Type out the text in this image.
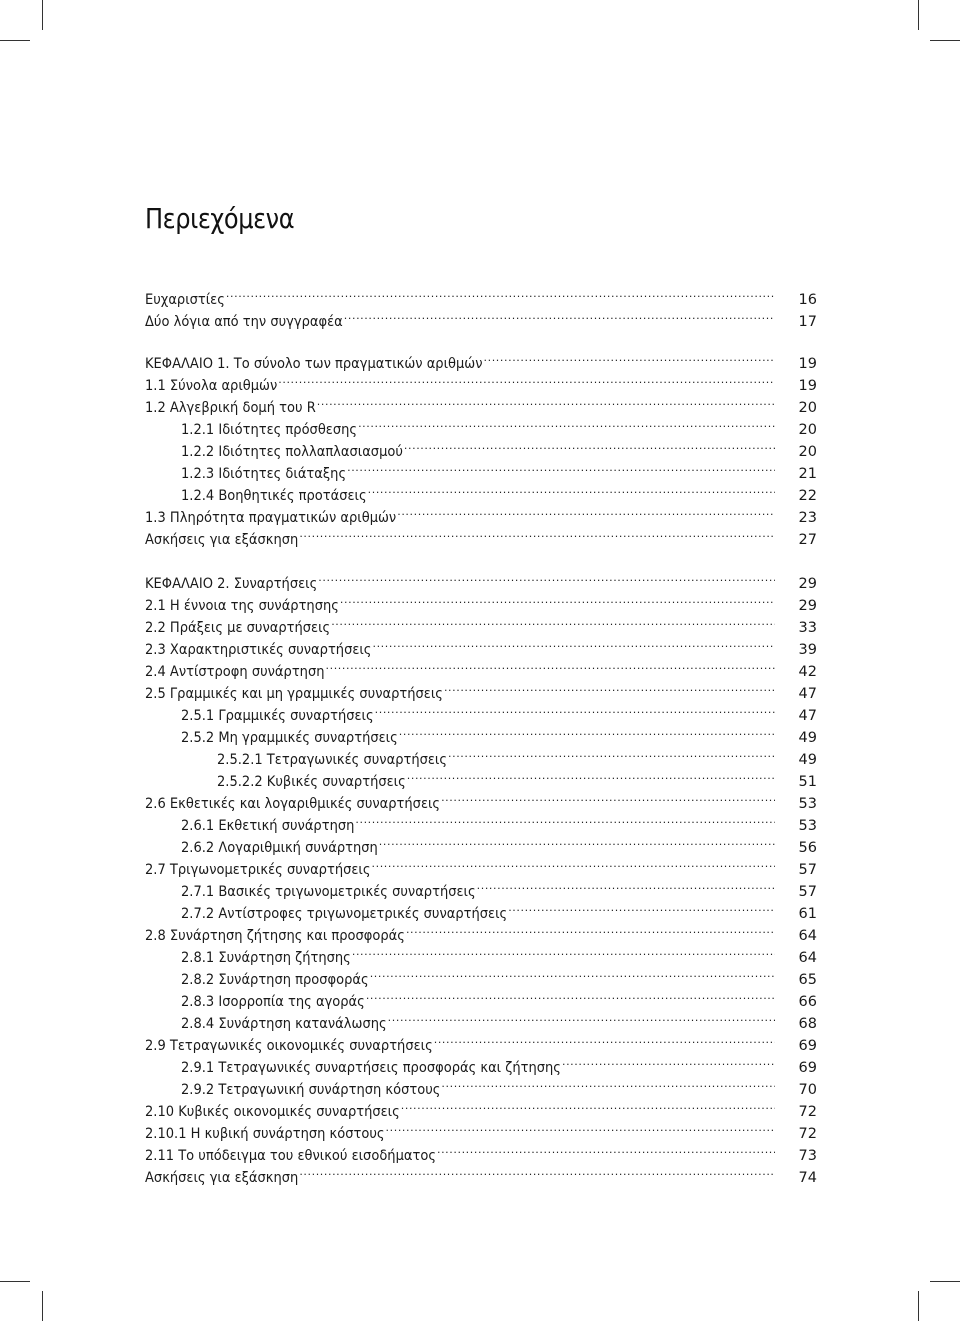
Περιεχόμενα
Ευχαριστίες .....	16
Δύο λόγια από την συγγραφέα .....	17
ΚΕΦΑΛΑΙΟ 1. Το σύνολο των πραγματικών αριθμών .....	19
1.1 Σύνολα αριθμών .....	19
1.2 Αλγεβρική δομή του R .....	20
1.2.1 Ιδιότητες πρόσθεσης .....	20
1.2.2 Ιδιότητες πολλαπλασιασμού .....	20
1.2.3 Ιδιότητες διάταξης .....	21
1.2.4 Βοηθητικές προτάσεις .....	22
1.3 Πληρότητα πραγματικών αριθμών .....	23
Ασκήσεις για εξάσκηση .....	27
ΚΕΦΑΛΑΙΟ 2. Συναρτήσεις .....	29
2.1 Η έννοια της συνάρτησης .....	29
2.2 Πράξεις με συναρτήσεις .....	33
2.3 Χαρακτηριστικές συναρτήσεις .....	39
2.4 Αντίστροφη συνάρτηση .....	42
2.5 Γραμμικές και μη γραμμικές συναρτήσεις .....	47
2.5.1 Γραμμικές συναρτήσεις .....	47
2.5.2 Μη γραμμικές συναρτήσεις .....	49
2.5.2.1 Τετραγωνικές συναρτήσεις .....	49
2.5.2.2 Κυβικές συναρτήσεις .....	51
2.6 Εκθετικές και λογαριθμικές συναρτήσεις .....	53
2.6.1 Εκθετική συνάρτηση .....	53
2.6.2 Λογαριθμική συνάρτηση .....	56
2.7 Τριγωνομετρικές συναρτήσεις .....	57
2.7.1 Βασικές τριγωνομετρικές συναρτήσεις .....	57
2.7.2 Αντίστροφες τριγωνομετρικές συναρτήσεις .....	61
2.8 Συνάρτηση ζήτησης και προσφοράς .....	64
2.8.1 Συνάρτηση ζήτησης .....	64
2.8.2 Συνάρτηση προσφοράς .....	65
2.8.3 Ισορροπία της αγοράς .....	66
2.8.4 Συνάρτηση κατανάλωσης .....	68
2.9 Τετραγωνικές οικονομικές συναρτήσεις .....	69
2.9.1 Τετραγωνικές συναρτήσεις προσφοράς και ζήτησης .....	69
2.9.2 Τετραγωνική συνάρτηση κόστους .....	70
2.10 Κυβικές οικονομικές συναρτήσεις .....	72
2.10.1 Η κυβική συνάρτηση κόστους .....	72
2.11 Το υπόδειγμα του εθνικού εισοδήματος .....	73
Ασκήσεις για εξάσκηση .....	74
